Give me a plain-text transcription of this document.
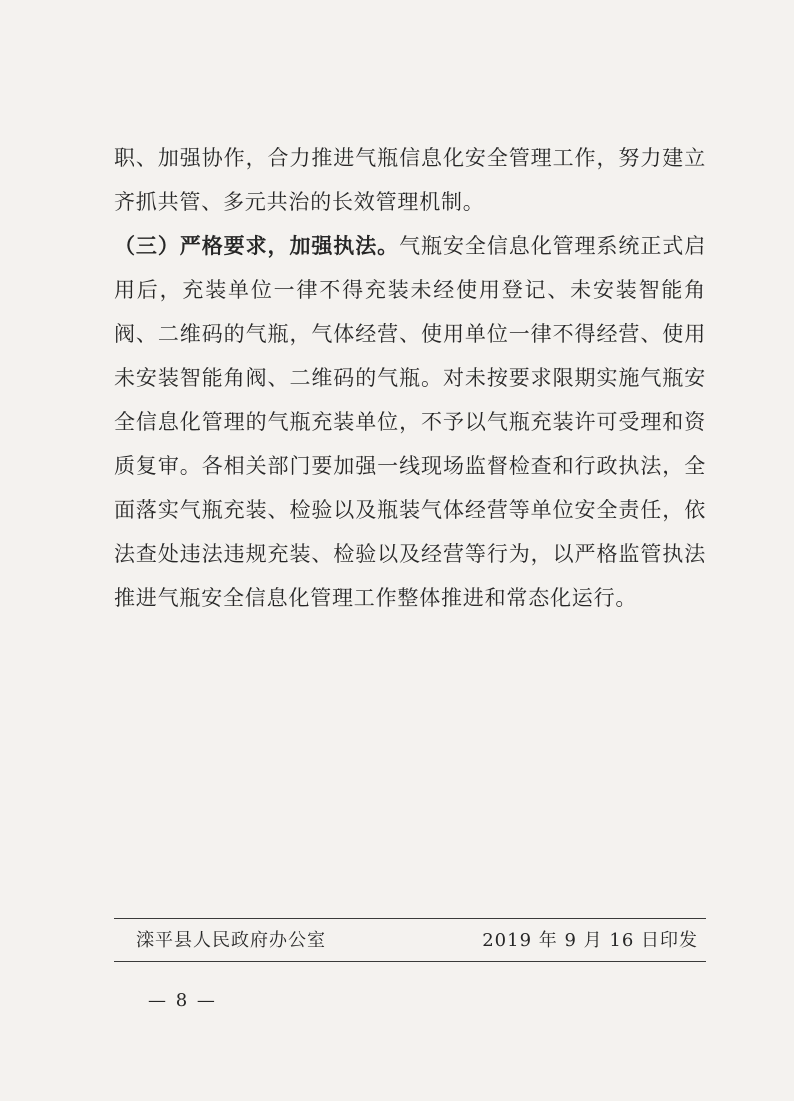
职、加强协作，合力推进气瓶信息化安全管理工作，努力建立齐抓共管、多元共治的长效管理机制。

（三）严格要求，加强执法。气瓶安全信息化管理系统正式启用后，充装单位一律不得充装未经使用登记、未安装智能角阀、二维码的气瓶，气体经营、使用单位一律不得经营、使用未安装智能角阀、二维码的气瓶。对未按要求限期实施气瓶安全信息化管理的气瓶充装单位，不予以气瓶充装许可受理和资质复审。各相关部门要加强一线现场监督检查和行政执法，全面落实气瓶充装、检验以及瓶装气体经营等单位安全责任，依法查处违法违规充装、检验以及经营等行为，以严格监管执法推进气瓶安全信息化管理工作整体推进和常态化运行。

滦平县人民政府办公室	2019 年 9 月 16 日印发
— 8 —
